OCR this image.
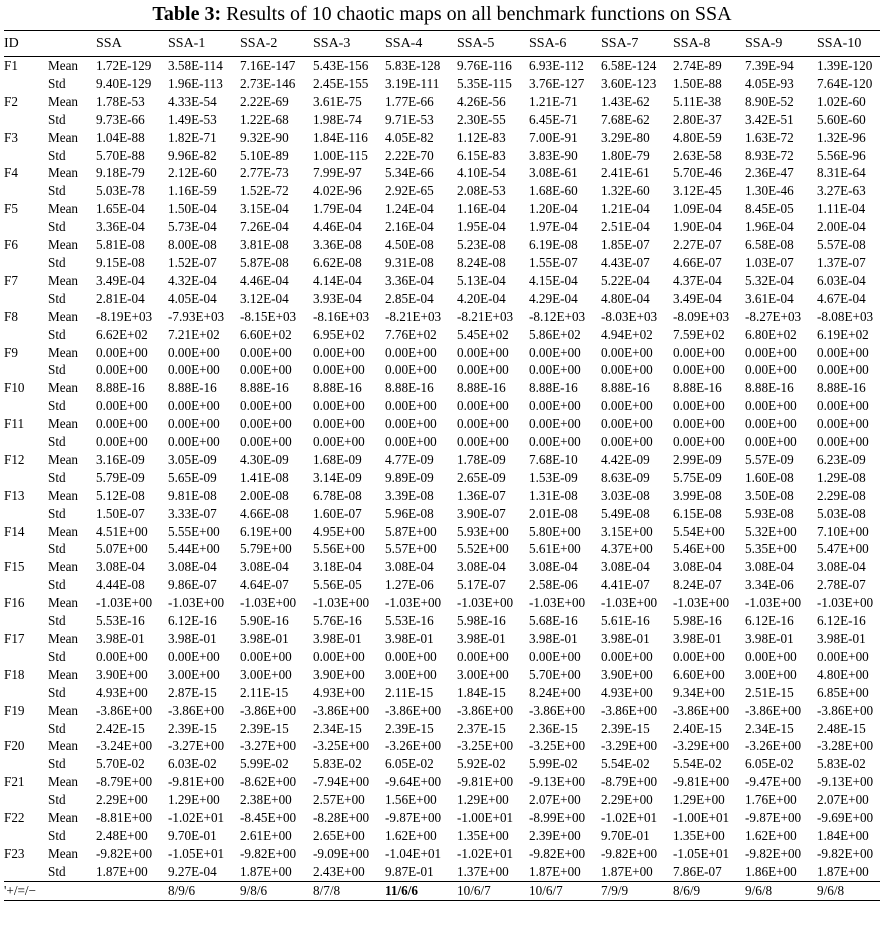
Table 3: Results of 10 chaotic maps on all benchmark functions on SSA
ID		SSA	SSA-1	SSA-2	SSA-3	SSA-4	SSA-5	SSA-6	SSA-7	SSA-8	SSA-9	SSA-10
F1	Mean	1.72E-129	3.58E-114	7.16E-147	5.43E-156	5.83E-128	9.76E-116	6.93E-112	6.58E-124	2.74E-89	7.39E-94	1.39E-120
	Std	9.40E-129	1.96E-113	2.73E-146	2.45E-155	3.19E-111	5.35E-115	3.76E-127	3.60E-123	1.50E-88	4.05E-93	7.64E-120
F2	Mean	1.78E-53	4.33E-54	2.22E-69	3.61E-75	1.77E-66	4.26E-56	1.21E-71	1.43E-62	5.11E-38	8.90E-52	1.02E-60
	Std	9.73E-66	1.49E-53	1.22E-68	1.98E-74	9.71E-53	2.30E-55	6.45E-71	7.68E-62	2.80E-37	3.42E-51	5.60E-60
F3	Mean	1.04E-88	1.82E-71	9.32E-90	1.84E-116	4.05E-82	1.12E-83	7.00E-91	3.29E-80	4.80E-59	1.63E-72	1.32E-96
	Std	5.70E-88	9.96E-82	5.10E-89	1.00E-115	2.22E-70	6.15E-83	3.83E-90	1.80E-79	2.63E-58	8.93E-72	5.56E-96
F4	Mean	9.18E-79	2.12E-60	2.77E-73	7.99E-97	5.34E-66	4.10E-54	3.08E-61	2.41E-61	5.70E-46	2.36E-47	8.31E-64
	Std	5.03E-78	1.16E-59	1.52E-72	4.02E-96	2.92E-65	2.08E-53	1.68E-60	1.32E-60	3.12E-45	1.30E-46	3.27E-63
F5	Mean	1.65E-04	1.50E-04	3.15E-04	1.79E-04	1.24E-04	1.16E-04	1.20E-04	1.21E-04	1.09E-04	8.45E-05	1.11E-04
	Std	3.36E-04	5.73E-04	7.26E-04	4.46E-04	2.16E-04	1.95E-04	1.97E-04	2.51E-04	1.90E-04	1.96E-04	2.00E-04
F6	Mean	5.81E-08	8.00E-08	3.81E-08	3.36E-08	4.50E-08	5.23E-08	6.19E-08	1.85E-07	2.27E-07	6.58E-08	5.57E-08
	Std	9.15E-08	1.52E-07	5.87E-08	6.62E-08	9.31E-08	8.24E-08	1.55E-07	4.43E-07	4.66E-07	1.03E-07	1.37E-07
F7	Mean	3.49E-04	4.32E-04	4.46E-04	4.14E-04	3.36E-04	5.13E-04	4.15E-04	5.22E-04	4.37E-04	5.32E-04	6.03E-04
	Std	2.81E-04	4.05E-04	3.12E-04	3.93E-04	2.85E-04	4.20E-04	4.29E-04	4.80E-04	3.49E-04	3.61E-04	4.67E-04
F8	Mean	-8.19E+03	-7.93E+03	-8.15E+03	-8.16E+03	-8.21E+03	-8.21E+03	-8.12E+03	-8.03E+03	-8.09E+03	-8.27E+03	-8.08E+03
	Std	6.62E+02	7.21E+02	6.60E+02	6.95E+02	7.76E+02	5.45E+02	5.86E+02	4.94E+02	7.59E+02	6.80E+02	6.19E+02
F9	Mean	0.00E+00	0.00E+00	0.00E+00	0.00E+00	0.00E+00	0.00E+00	0.00E+00	0.00E+00	0.00E+00	0.00E+00	0.00E+00
	Std	0.00E+00	0.00E+00	0.00E+00	0.00E+00	0.00E+00	0.00E+00	0.00E+00	0.00E+00	0.00E+00	0.00E+00	0.00E+00
F10	Mean	8.88E-16	8.88E-16	8.88E-16	8.88E-16	8.88E-16	8.88E-16	8.88E-16	8.88E-16	8.88E-16	8.88E-16	8.88E-16
	Std	0.00E+00	0.00E+00	0.00E+00	0.00E+00	0.00E+00	0.00E+00	0.00E+00	0.00E+00	0.00E+00	0.00E+00	0.00E+00
F11	Mean	0.00E+00	0.00E+00	0.00E+00	0.00E+00	0.00E+00	0.00E+00	0.00E+00	0.00E+00	0.00E+00	0.00E+00	0.00E+00
	Std	0.00E+00	0.00E+00	0.00E+00	0.00E+00	0.00E+00	0.00E+00	0.00E+00	0.00E+00	0.00E+00	0.00E+00	0.00E+00
F12	Mean	3.16E-09	3.05E-09	4.30E-09	1.68E-09	4.77E-09	1.78E-09	7.68E-10	4.42E-09	2.99E-09	5.57E-09	6.23E-09
	Std	5.79E-09	5.65E-09	1.41E-08	3.14E-09	9.89E-09	2.65E-09	1.53E-09	8.63E-09	5.75E-09	1.60E-08	1.29E-08
F13	Mean	5.12E-08	9.81E-08	2.00E-08	6.78E-08	3.39E-08	1.36E-07	1.31E-08	3.03E-08	3.99E-08	3.50E-08	2.29E-08
	Std	1.50E-07	3.33E-07	4.66E-08	1.60E-07	5.96E-08	3.90E-07	2.01E-08	5.49E-08	6.15E-08	5.93E-08	5.03E-08
F14	Mean	4.51E+00	5.55E+00	6.19E+00	4.95E+00	5.87E+00	5.93E+00	5.80E+00	3.15E+00	5.54E+00	5.32E+00	7.10E+00
	Std	5.07E+00	5.44E+00	5.79E+00	5.56E+00	5.57E+00	5.52E+00	5.61E+00	4.37E+00	5.46E+00	5.35E+00	5.47E+00
F15	Mean	3.08E-04	3.08E-04	3.08E-04	3.18E-04	3.08E-04	3.08E-04	3.08E-04	3.08E-04	3.08E-04	3.08E-04	3.08E-04
	Std	4.44E-08	9.86E-07	4.64E-07	5.56E-05	1.27E-06	5.17E-07	2.58E-06	4.41E-07	8.24E-07	3.34E-06	2.78E-07
F16	Mean	-1.03E+00	-1.03E+00	-1.03E+00	-1.03E+00	-1.03E+00	-1.03E+00	-1.03E+00	-1.03E+00	-1.03E+00	-1.03E+00	-1.03E+00
	Std	5.53E-16	6.12E-16	5.90E-16	5.76E-16	5.53E-16	5.98E-16	5.68E-16	5.61E-16	5.98E-16	6.12E-16	6.12E-16
F17	Mean	3.98E-01	3.98E-01	3.98E-01	3.98E-01	3.98E-01	3.98E-01	3.98E-01	3.98E-01	3.98E-01	3.98E-01	3.98E-01
	Std	0.00E+00	0.00E+00	0.00E+00	0.00E+00	0.00E+00	0.00E+00	0.00E+00	0.00E+00	0.00E+00	0.00E+00	0.00E+00
F18	Mean	3.90E+00	3.00E+00	3.00E+00	3.90E+00	3.00E+00	3.00E+00	5.70E+00	3.90E+00	6.60E+00	3.00E+00	4.80E+00
	Std	4.93E+00	2.87E-15	2.11E-15	4.93E+00	2.11E-15	1.84E-15	8.24E+00	4.93E+00	9.34E+00	2.51E-15	6.85E+00
F19	Mean	-3.86E+00	-3.86E+00	-3.86E+00	-3.86E+00	-3.86E+00	-3.86E+00	-3.86E+00	-3.86E+00	-3.86E+00	-3.86E+00	-3.86E+00
	Std	2.42E-15	2.39E-15	2.39E-15	2.34E-15	2.39E-15	2.37E-15	2.36E-15	2.39E-15	2.40E-15	2.34E-15	2.48E-15
F20	Mean	-3.24E+00	-3.27E+00	-3.27E+00	-3.25E+00	-3.26E+00	-3.25E+00	-3.25E+00	-3.29E+00	-3.29E+00	-3.26E+00	-3.28E+00
	Std	5.70E-02	6.03E-02	5.99E-02	5.83E-02	6.05E-02	5.92E-02	5.99E-02	5.54E-02	5.54E-02	6.05E-02	5.83E-02
F21	Mean	-8.79E+00	-9.81E+00	-8.62E+00	-7.94E+00	-9.64E+00	-9.81E+00	-9.13E+00	-8.79E+00	-9.81E+00	-9.47E+00	-9.13E+00
	Std	2.29E+00	1.29E+00	2.38E+00	2.57E+00	1.56E+00	1.29E+00	2.07E+00	2.29E+00	1.29E+00	1.76E+00	2.07E+00
F22	Mean	-8.81E+00	-1.02E+01	-8.45E+00	-8.28E+00	-9.87E+00	-1.00E+01	-8.99E+00	-1.02E+01	-1.00E+01	-9.87E+00	-9.69E+00
	Std	2.48E+00	9.70E-01	2.61E+00	2.65E+00	1.62E+00	1.35E+00	2.39E+00	9.70E-01	1.35E+00	1.62E+00	1.84E+00
F23	Mean	-9.82E+00	-1.05E+01	-9.82E+00	-9.09E+00	-1.04E+01	-1.02E+01	-9.82E+00	-9.82E+00	-1.05E+01	-9.82E+00	-9.82E+00
	Std	1.87E+00	9.27E-04	1.87E+00	2.43E+00	9.87E-01	1.37E+00	1.87E+00	1.87E+00	7.86E-07	1.86E+00	1.87E+00
'+/=/−			8/9/6	9/8/6	8/7/8	11/6/6	10/6/7	10/6/7	7/9/9	8/6/9	9/6/8	9/6/8
